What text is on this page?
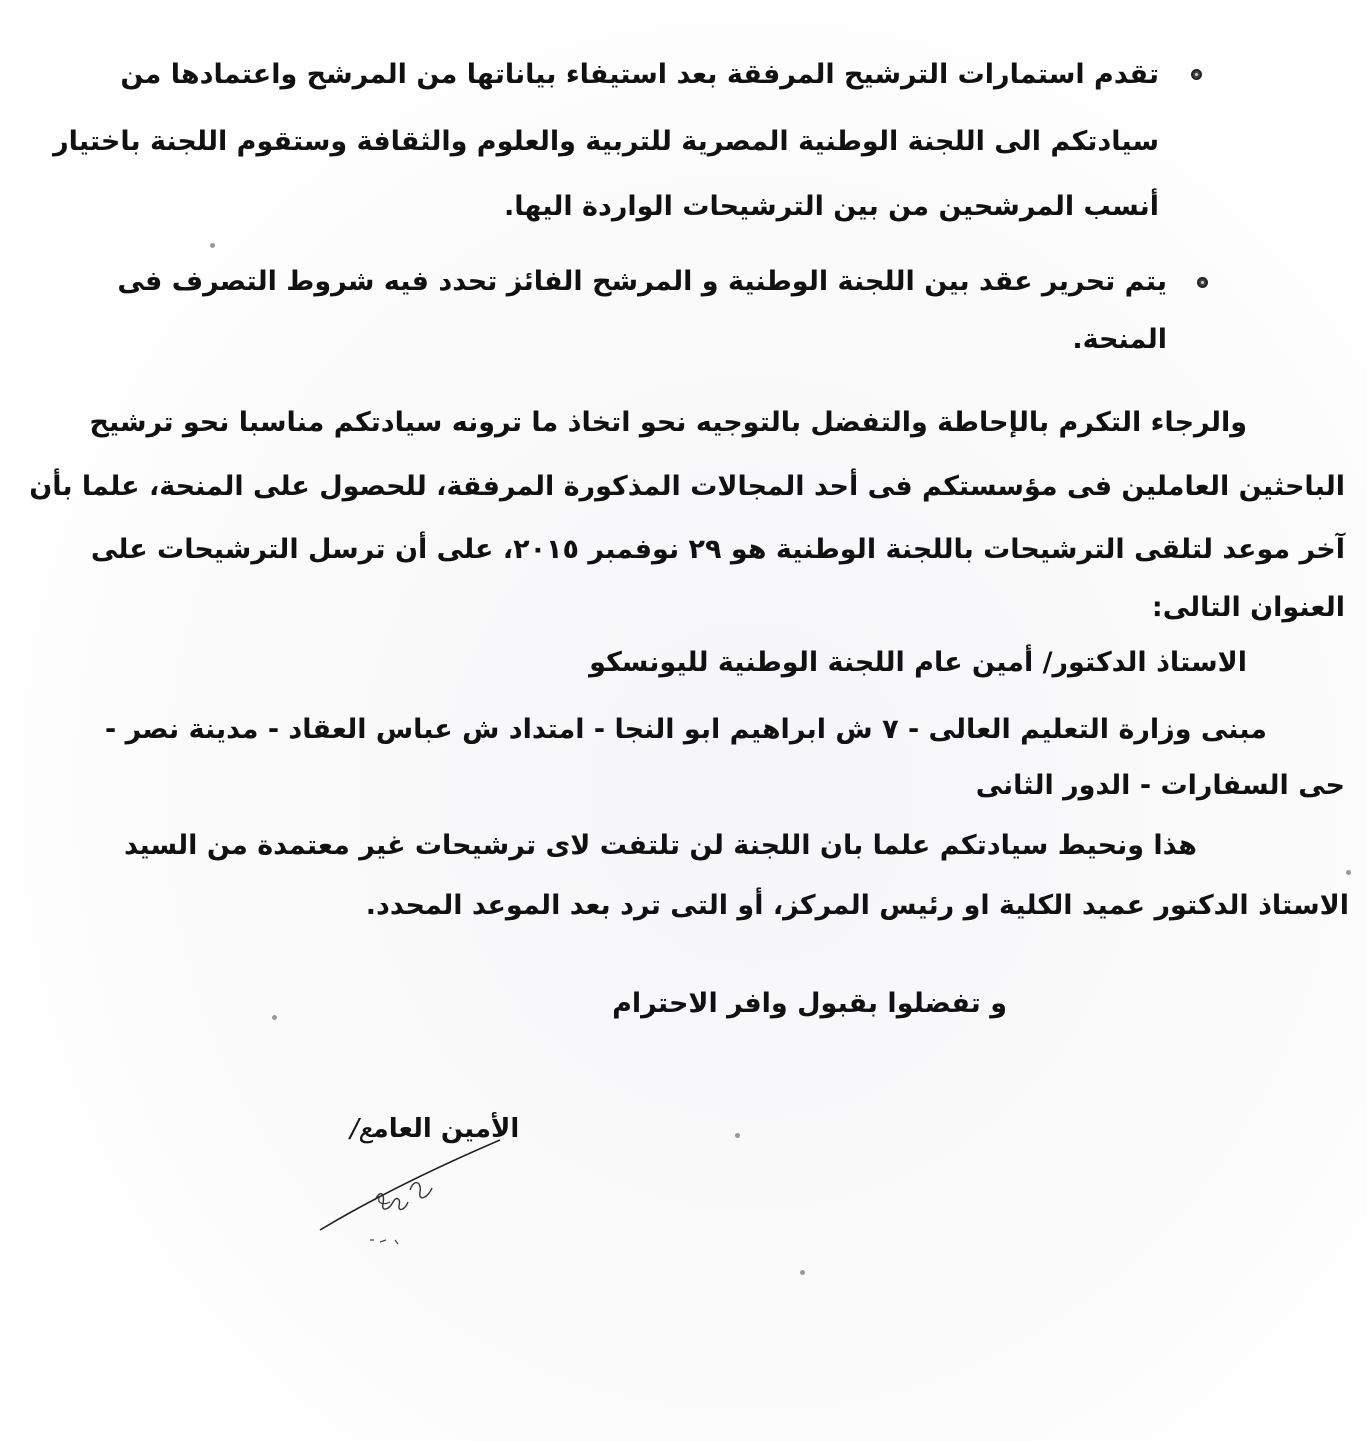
تقدم استمارات الترشيح المرفقة بعد استيفاء بياناتها من المرشح واعتمادها من
سيادتكم الى اللجنة الوطنية المصرية للتربية والعلوم والثقافة وستقوم اللجنة باختيار
أنسب المرشحين من بين الترشيحات الواردة اليها.
يتم تحرير عقد بين اللجنة الوطنية و المرشح الفائز تحدد فيه شروط التصرف فى
المنحة.
والرجاء التكرم بالإحاطة والتفضل بالتوجيه نحو اتخاذ ما ترونه سيادتكم مناسبا نحو ترشيح
الباحثين العاملين فى مؤسستكم فى أحد المجالات المذكورة المرفقة، للحصول على المنحة، علما بأن
آخر موعد لتلقى الترشيحات باللجنة الوطنية هو ٢٩ نوفمبر ٢٠١٥، على أن ترسل الترشيحات على
العنوان التالى:
الاستاذ الدكتور/ أمين عام اللجنة الوطنية لليونسكو
مبنى وزارة التعليم العالى - ٧ ش ابراهيم ابو النجا - امتداد ش عباس العقاد - مدينة نصر -
حى السفارات - الدور الثانى
هذا ونحيط سيادتكم علما بان اللجنة لن تلتفت لاى ترشيحات غير معتمدة من السيد
الاستاذ الدكتور عميد الكلية او رئيس المركز، أو التى ترد بعد الموعد المحدد.
و تفضلوا بقبول وافر الاحترام
الأمين العامع/
